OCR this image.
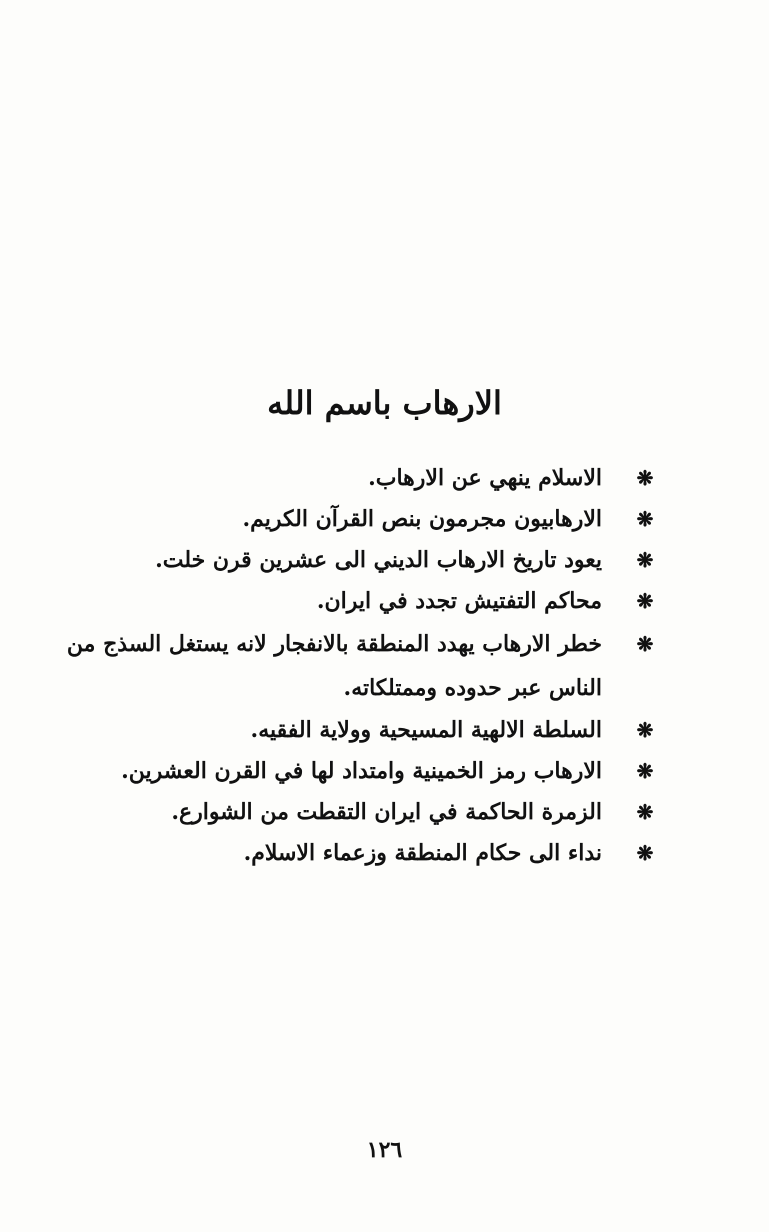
الارهاب باسم الله
❋
الاسلام ينهي عن الارهاب.
❋
الارهابيون مجرمون بنص القرآن الكريم.
❋
يعود تاريخ الارهاب الديني الى عشرين قرن خلت.
❋
محاكم التفتيش تجدد في ايران.
❋
خطر الارهاب يهدد المنطقة بالانفجار لانه يستغل السذج من الناس عبر حدوده وممتلكاته.
❋
السلطة الالهية المسيحية وولاية الفقيه.
❋
الارهاب رمز الخمينية وامتداد لها في القرن العشرين.
❋
الزمرة الحاكمة في ايران التقطت من الشوارع.
❋
نداء الى حكام المنطقة وزعماء الاسلام.
١٢٦
